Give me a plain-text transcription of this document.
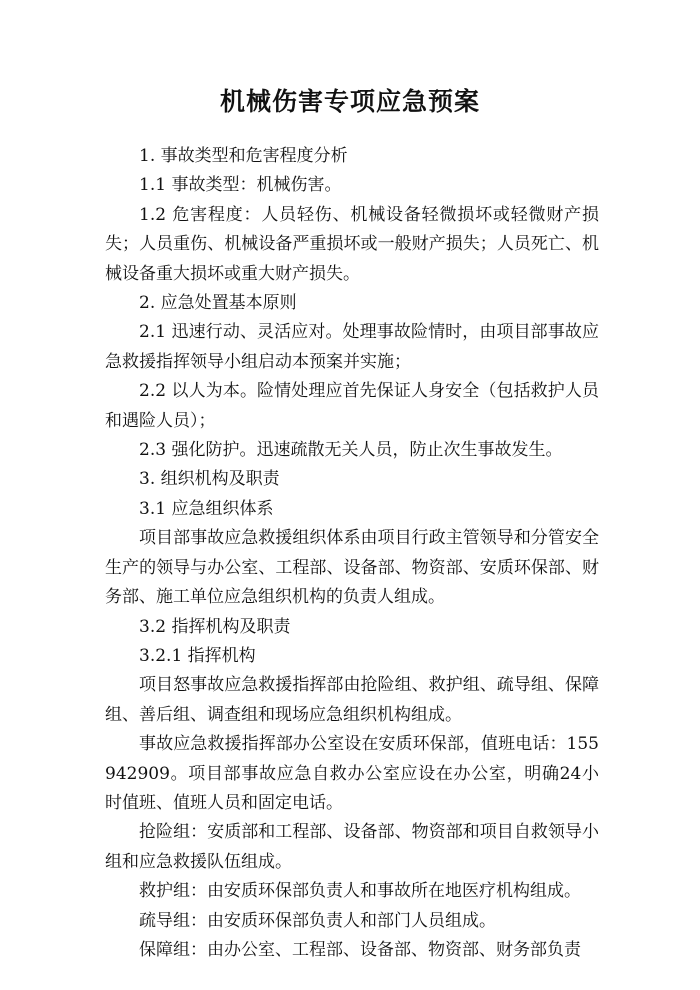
机械伤害专项应急预案

1. 事故类型和危害程度分析

1.1 事故类型：机械伤害。

1.2 危害程度：人员轻伤、机械设备轻微损坏或轻微财产损失；人员重伤、机械设备严重损坏或一般财产损失；人员死亡、机械设备重大损坏或重大财产损失。

2. 应急处置基本原则

2.1 迅速行动、灵活应对。处理事故险情时，由项目部事故应急救援指挥领导小组启动本预案并实施；

2.2 以人为本。险情处理应首先保证人身安全（包括救护人员和遇险人员）；

2.3 强化防护。迅速疏散无关人员，防止次生事故发生。

3. 组织机构及职责

3.1 应急组织体系

项目部事故应急救援组织体系由项目行政主管领导和分管安全生产的领导与办公室、工程部、设备部、物资部、安质环保部、财务部、施工单位应急组织机构的负责人组成。

3.2 指挥机构及职责

3.2.1 指挥机构

项目怒事故应急救援指挥部由抢险组、救护组、疏导组、保障组、善后组、调查组和现场应急组织机构组成。

事故应急救援指挥部办公室设在安质环保部，值班电话：155942909。项目部事故应急自救办公室应设在办公室，明确24小时值班、值班人员和固定电话。

抢险组：安质部和工程部、设备部、物资部和项目自救领导小组和应急救援队伍组成。

救护组：由安质环保部负责人和事故所在地医疗机构组成。

疏导组：由安质环保部负责人和部门人员组成。

保障组：由办公室、工程部、设备部、物资部、财务部负责
